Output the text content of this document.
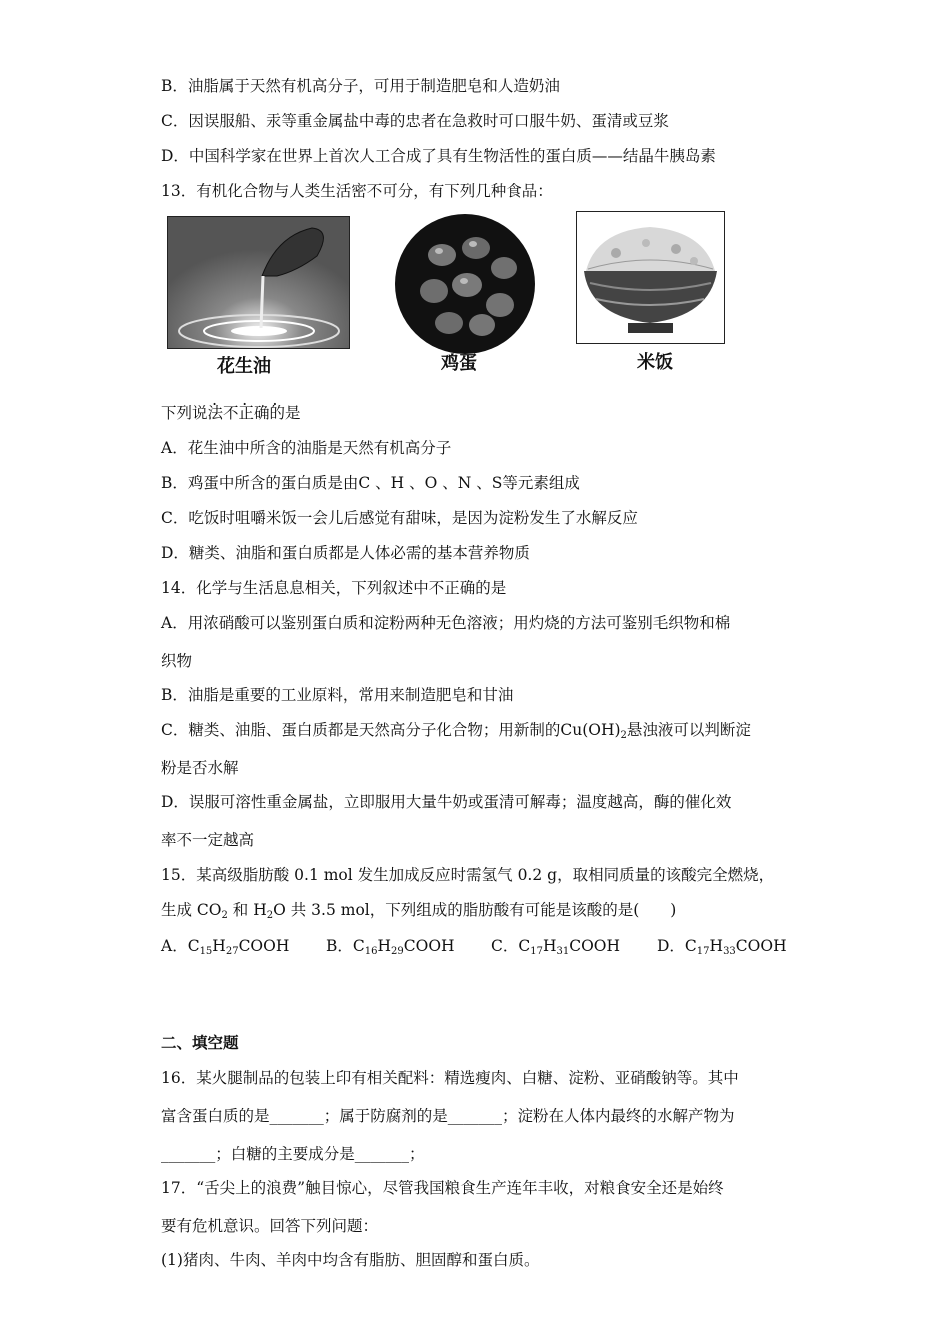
B．油脂属于天然有机高分子，可用于制造肥皂和人造奶油
C．因误服船、汞等重金属盐中毒的忠者在急救时可口服牛奶、蛋清或豆浆
D．中国科学家在世界上首次人工合成了具有生物活性的蛋白质——结晶牛胰岛素
13．有机化合物与人类生活密不可分，有下列几种食品：
花生油	鸡蛋	米饭
. . .
下列说法不正确的是
A．花生油中所含的油脂是天然有机高分子
B．鸡蛋中所含的蛋白质是由C 、H 、O 、N 、S等元素组成
C．吃饭时咀嚼米饭一会儿后感觉有甜味，是因为淀粉发生了水解反应
D．糖类、油脂和蛋白质都是人体必需的基本营养物质
14．化学与生活息息相关，下列叙述中不正确的是
A．用浓硝酸可以鉴别蛋白质和淀粉两种无色溶液；用灼烧的方法可鉴别毛织物和棉
织物
B．油脂是重要的工业原料，常用来制造肥皂和甘油
C．糖类、油脂、蛋白质都是天然高分子化合物；用新制的$Cu(OH)_2$悬浊液可以判断淀
粉是否水解
D．误服可溶性重金属盐，立即服用大量牛奶或蛋清可解毒；温度越高，酶的催化效
率不一定越高
15．某高级脂肪酸 0.1 mol 发生加成反应时需氢气 0.2 g，取相同质量的该酸完全燃烧，
生成 $CO_2$ 和 $H_2O$ 共 3.5 mol，下列组成的脂肪酸有可能是该酸的是(　　)
A．$C_{15}H_{27}COOH$ B．$C_{16}H_{29}COOH$ C．$C_{17}H_{31}COOH$ D．$C_{17}H_{33}COOH$
二、填空题
16．某火腿制品的包装上印有相关配料：精选瘦肉、白糖、淀粉、亚硝酸钠等。其中
富含蛋白质的是_______；属于防腐剂的是_______；淀粉在人体内最终的水解产物为
_______；白糖的主要成分是_______；
17．“舌尖上的浪费”触目惊心，尽管我国粮食生产连年丰收，对粮食安全还是始终
要有危机意识。回答下列问题：
(1)猪肉、牛肉、羊肉中均含有脂肪、胆固醇和蛋白质。
